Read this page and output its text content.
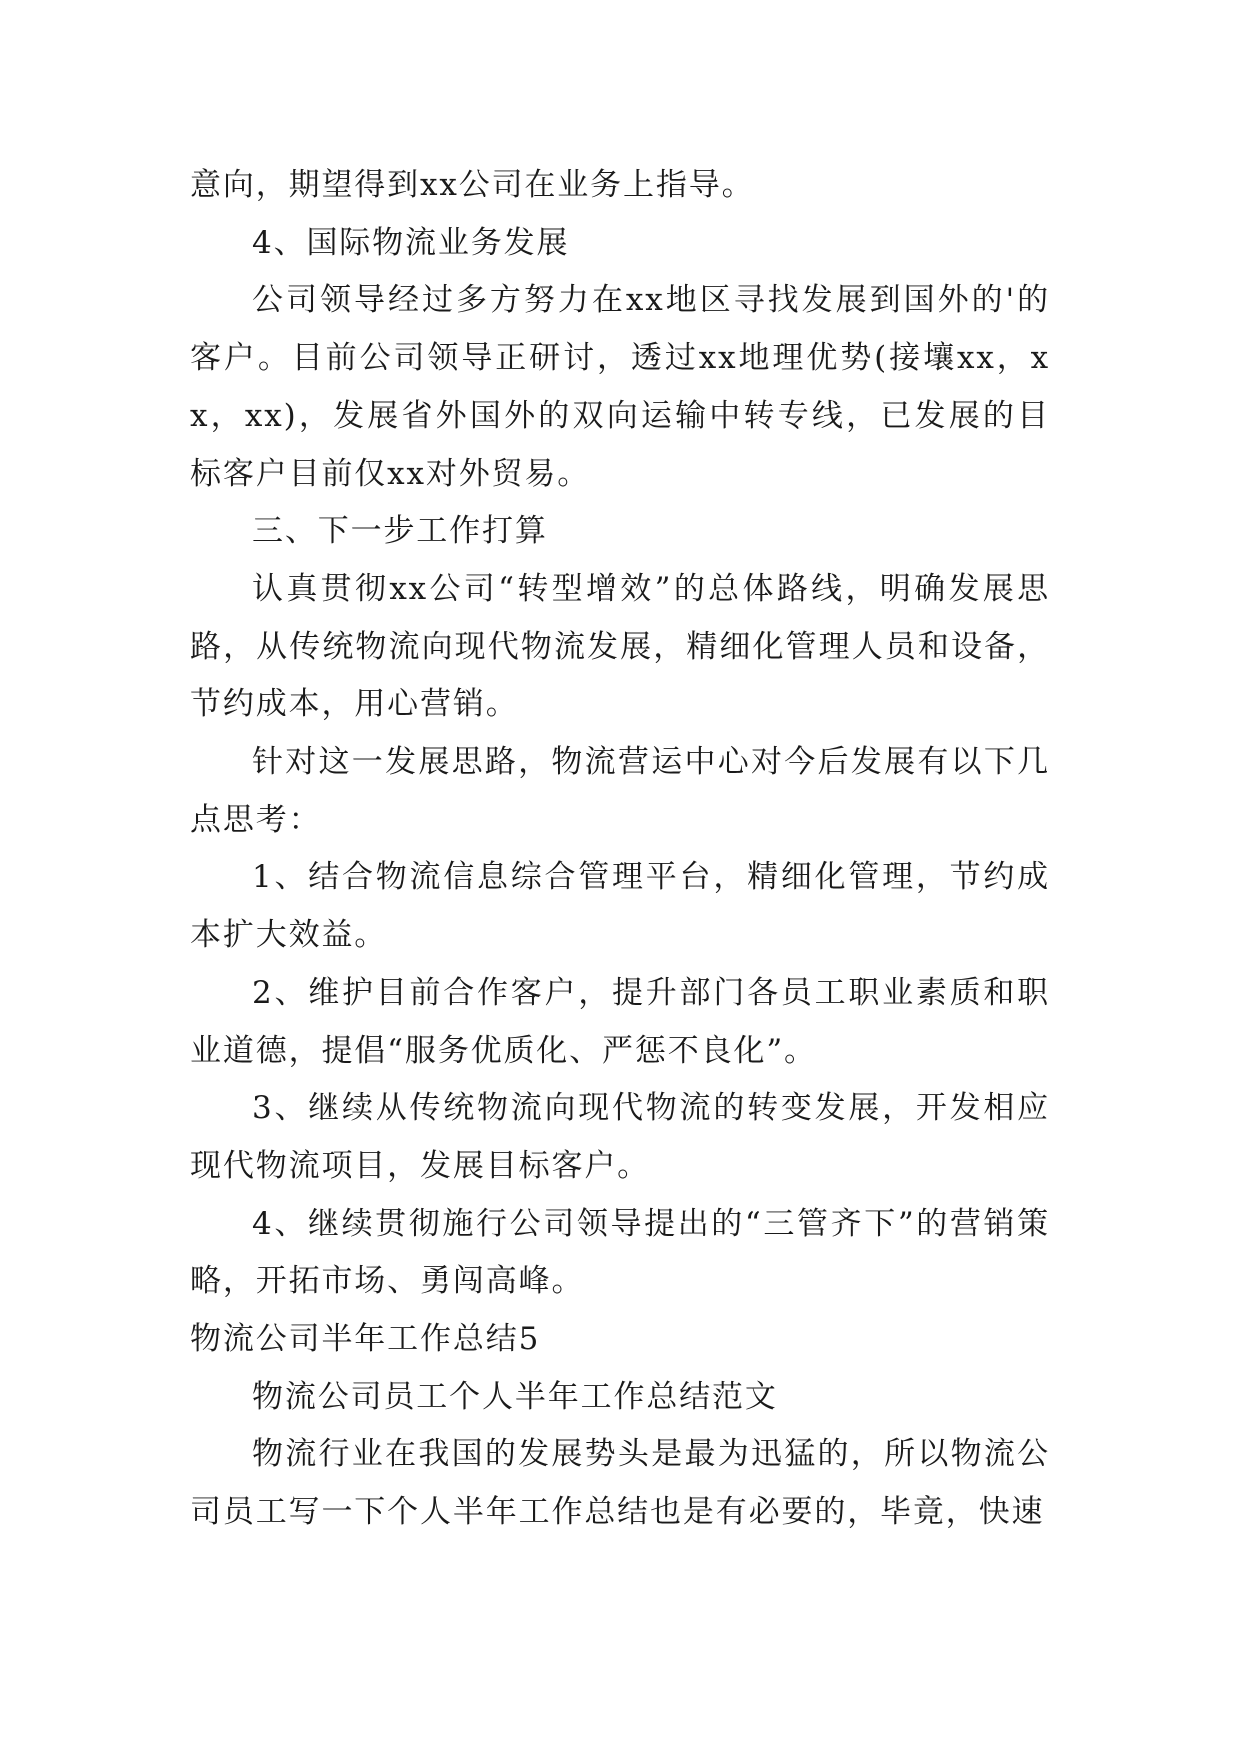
意向，期望得到xx公司在业务上指导。

4、国际物流业务发展

公司领导经过多方努力在xx地区寻找发展到国外的'的客户。目前公司领导正研讨，透过xx地理优势(接壤xx，xx，xx)，发展省外国外的双向运输中转专线，已发展的目标客户目前仅xx对外贸易。

三、下一步工作打算

认真贯彻xx公司“转型增效”的总体路线，明确发展思路，从传统物流向现代物流发展，精细化管理人员和设备，节约成本，用心营销。

针对这一发展思路，物流营运中心对今后发展有以下几点思考：

1、结合物流信息综合管理平台，精细化管理，节约成本扩大效益。

2、维护目前合作客户，提升部门各员工职业素质和职业道德，提倡“服务优质化、严惩不良化”。

3、继续从传统物流向现代物流的转变发展，开发相应现代物流项目，发展目标客户。

4、继续贯彻施行公司领导提出的“三管齐下”的营销策略，开拓市场、勇闯高峰。

物流公司半年工作总结5

物流公司员工个人半年工作总结范文

物流行业在我国的发展势头是最为迅猛的，所以物流公司员工写一下个人半年工作总结也是有必要的，毕竟，快速
